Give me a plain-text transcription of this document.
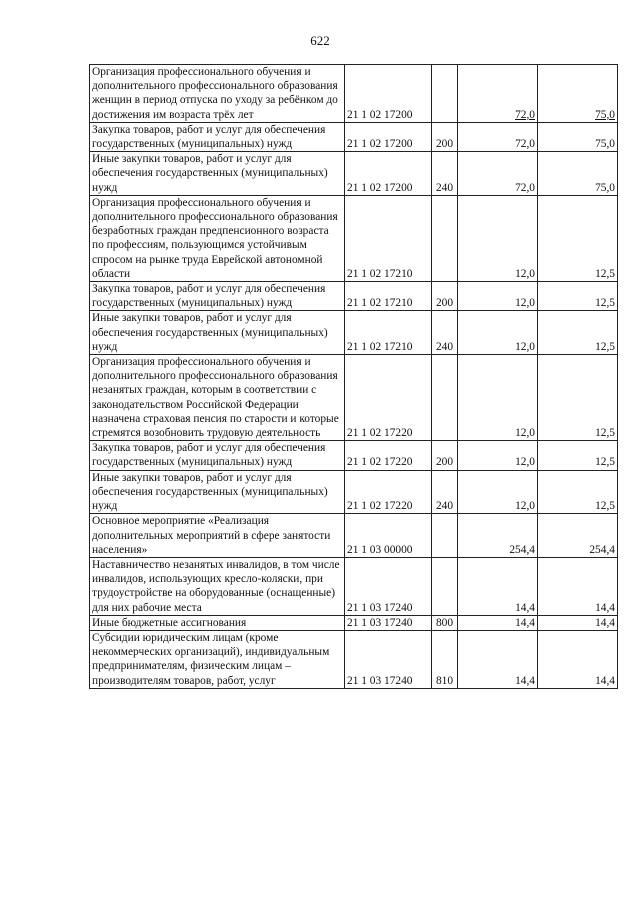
622
Организация профессионального обучения и дополнительного профессионального образования женщин в период отпуска по уходу за ребёнком до достижения им возраста трёх лет	21 1 02 17200		72,0	75,0
Закупка товаров, работ и услуг для обеспечения государственных (муниципальных) нужд	21 1 02 17200	200	72,0	75,0
Иные закупки товаров, работ и услуг для обеспечения государственных (муниципальных) нужд	21 1 02 17200	240	72,0	75,0
Организация профессионального обучения и дополнительного профессионального образования безработных граждан предпенсионного возраста по профессиям, пользующимся устойчивым спросом на рынке труда Еврейской автономной области	21 1 02 17210		12,0	12,5
Закупка товаров, работ и услуг для обеспечения государственных (муниципальных) нужд	21 1 02 17210	200	12,0	12,5
Иные закупки товаров, работ и услуг для обеспечения государственных (муниципальных) нужд	21 1 02 17210	240	12,0	12,5
Организация профессионального обучения и дополнительного профессионального образования незанятых граждан, которым в соответствии с законодательством Российской Федерации назначена страховая пенсия по старости и которые стремятся возобновить трудовую деятельность	21 1 02 17220		12,0	12,5
Закупка товаров, работ и услуг для обеспечения государственных (муниципальных) нужд	21 1 02 17220	200	12,0	12,5
Иные закупки товаров, работ и услуг для обеспечения государственных (муниципальных) нужд	21 1 02 17220	240	12,0	12,5
Основное мероприятие «Реализация дополнительных мероприятий в сфере занятости населения»	21 1 03 00000		254,4	254,4
Наставничество незанятых инвалидов, в том числе инвалидов, использующих кресло-коляски, при трудоустройстве на оборудованные (оснащенные) для них рабочие места	21 1 03 17240		14,4	14,4
Иные бюджетные ассигнования	21 1 03 17240	800	14,4	14,4
Субсидии юридическим лицам (кроме некоммерческих организаций), индивидуальным предпринимателям, физическим лицам – производителям товаров, работ, услуг	21 1 03 17240	810	14,4	14,4
